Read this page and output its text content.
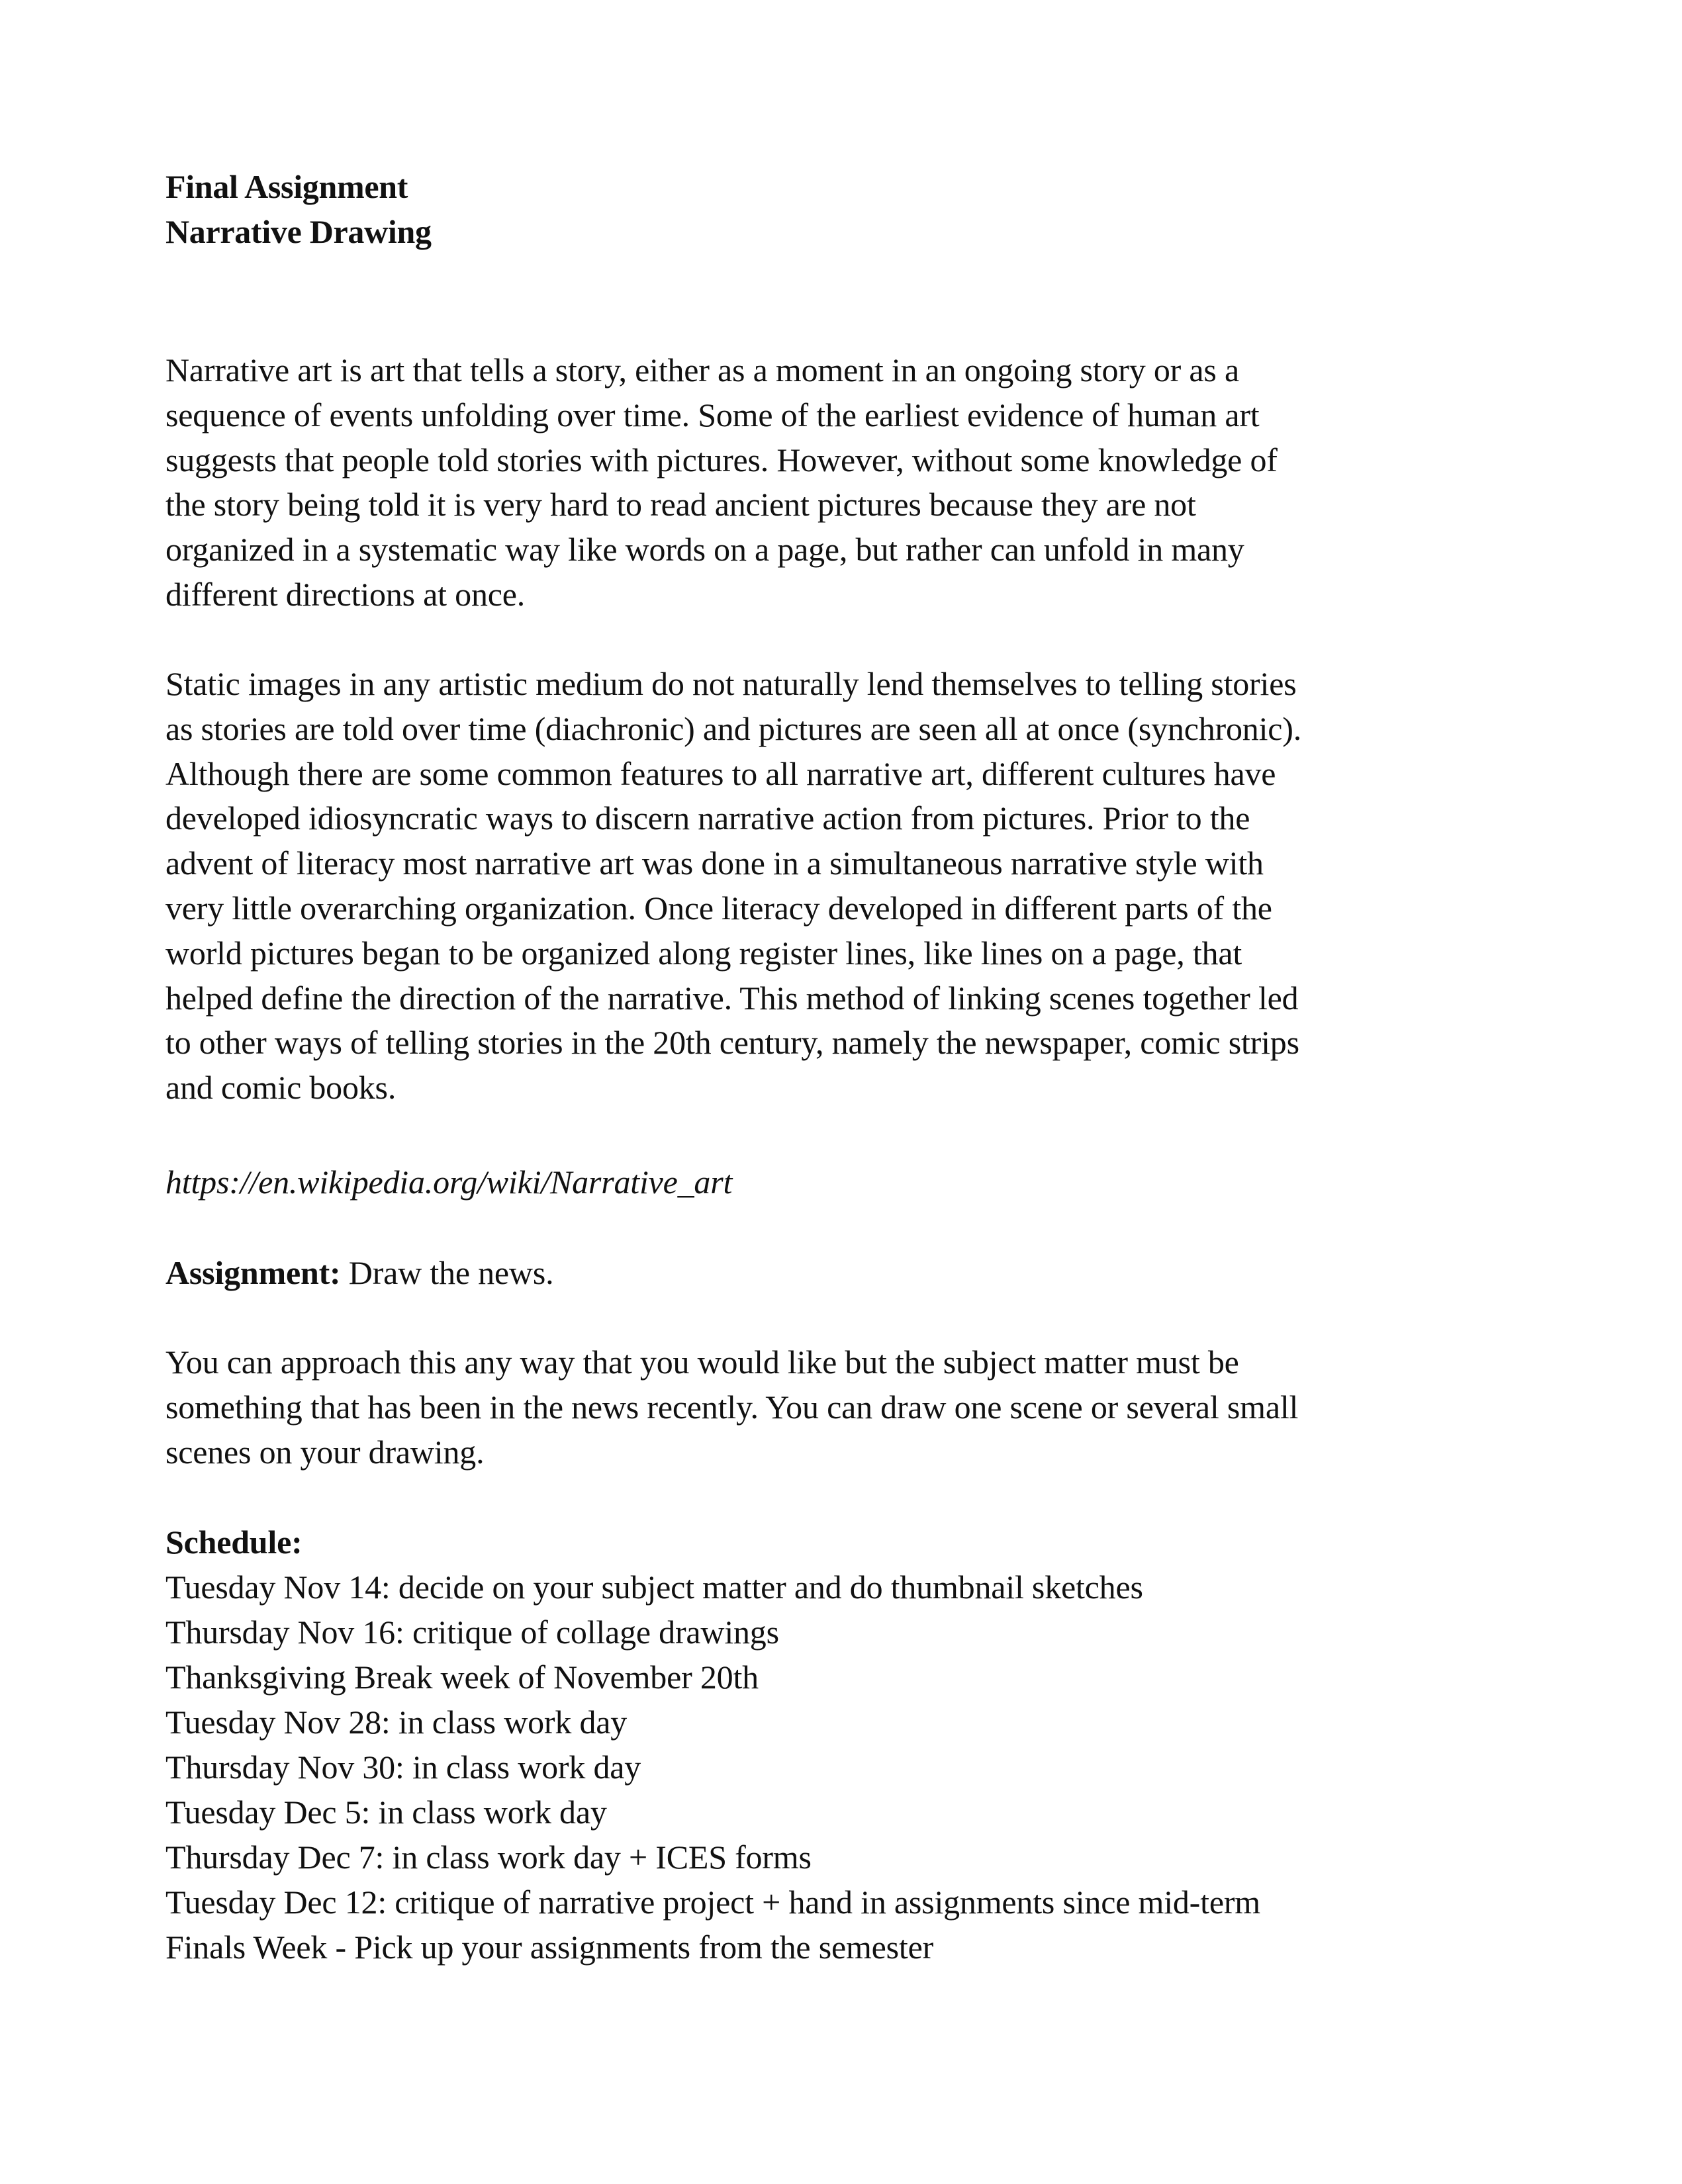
Final Assignment
Narrative Drawing
Narrative art is art that tells a story, either as a moment in an ongoing story or as a
sequence of events unfolding over time. Some of the earliest evidence of human art
suggests that people told stories with pictures. However, without some knowledge of
the story being told it is very hard to read ancient pictures because they are not
organized in a systematic way like words on a page, but rather can unfold in many
different directions at once.
Static images in any artistic medium do not naturally lend themselves to telling stories
as stories are told over time (diachronic) and pictures are seen all at once (synchronic).
Although there are some common features to all narrative art, different cultures have
developed idiosyncratic ways to discern narrative action from pictures. Prior to the
advent of literacy most narrative art was done in a simultaneous narrative style with
very little overarching organization. Once literacy developed in different parts of the
world pictures began to be organized along register lines, like lines on a page, that
helped define the direction of the narrative. This method of linking scenes together led
to other ways of telling stories in the 20th century, namely the newspaper, comic strips
and comic books.
https://en.wikipedia.org/wiki/Narrative_art
Assignment: Draw the news.
You can approach this any way that you would like but the subject matter must be
something that has been in the news recently. You can draw one scene or several small
scenes on your drawing.
Schedule:
Tuesday Nov 14: decide on your subject matter and do thumbnail sketches
Thursday Nov 16: critique of collage drawings
Thanksgiving Break week of November 20th
Tuesday Nov 28: in class work day
Thursday Nov 30: in class work day
Tuesday Dec 5: in class work day
Thursday Dec 7: in class work day + ICES forms
Tuesday Dec 12: critique of narrative project + hand in assignments since mid-term
Finals Week - Pick up your assignments from the semester
